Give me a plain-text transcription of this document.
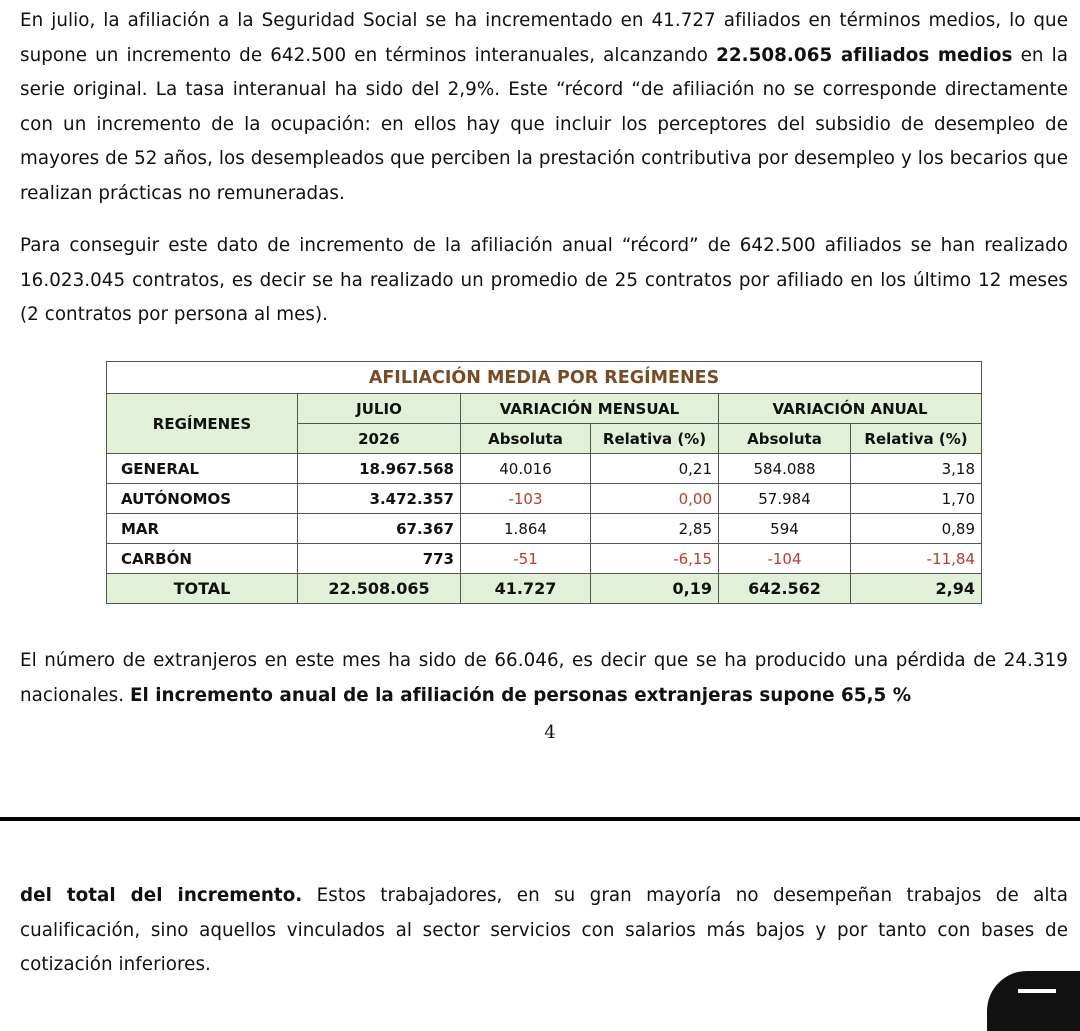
En julio, la afiliación a la Seguridad Social se ha incrementado en 41.727 afiliados en términos medios, lo que supone un incremento de 642.500 en términos interanuales, alcanzando 22.508.065 afiliados medios en la serie original. La tasa interanual ha sido del 2,9%. Este “récord “de afiliación no se corresponde directamente con un incremento de la ocupación: en ellos hay que incluir los perceptores del subsidio de desempleo de mayores de 52 años, los desempleados que perciben la prestación contributiva por desempleo y los becarios que realizan prácticas no remuneradas.

Para conseguir este dato de incremento de la afiliación anual “récord” de 642.500 afiliados se han realizado 16.023.045 contratos, es decir se ha realizado un promedio de 25 contratos por afiliado en los último 12 meses (2 contratos por persona al mes).

AFILIACIÓN MEDIA POR REGÍMENES					
REGÍMENES	JULIO	VARIACIÓN MENSUAL		VARIACIÓN ANUAL	
	2026	Absoluta	Relativa (%)	Absoluta	Relativa (%)
GENERAL	18.967.568	40.016	0,21	584.088	3,18
AUTÓNOMOS	3.472.357	-103	0,00	57.984	1,70
MAR	67.367	1.864	2,85	594	0,89
CARBÓN	773	-51	-6,15	-104	-11,84
TOTAL	22.508.065	41.727	0,19	642.562	2,94

El número de extranjeros en este mes ha sido de 66.046, es decir que se ha producido una pérdida de 24.319 nacionales. El incremento anual de la afiliación de personas extranjeras supone 65,5 %

4

del total del incremento. Estos trabajadores, en su gran mayoría no desempeñan trabajos de alta cualificación, sino aquellos vinculados al sector servicios con salarios más bajos y por tanto con bases de cotización inferiores.
